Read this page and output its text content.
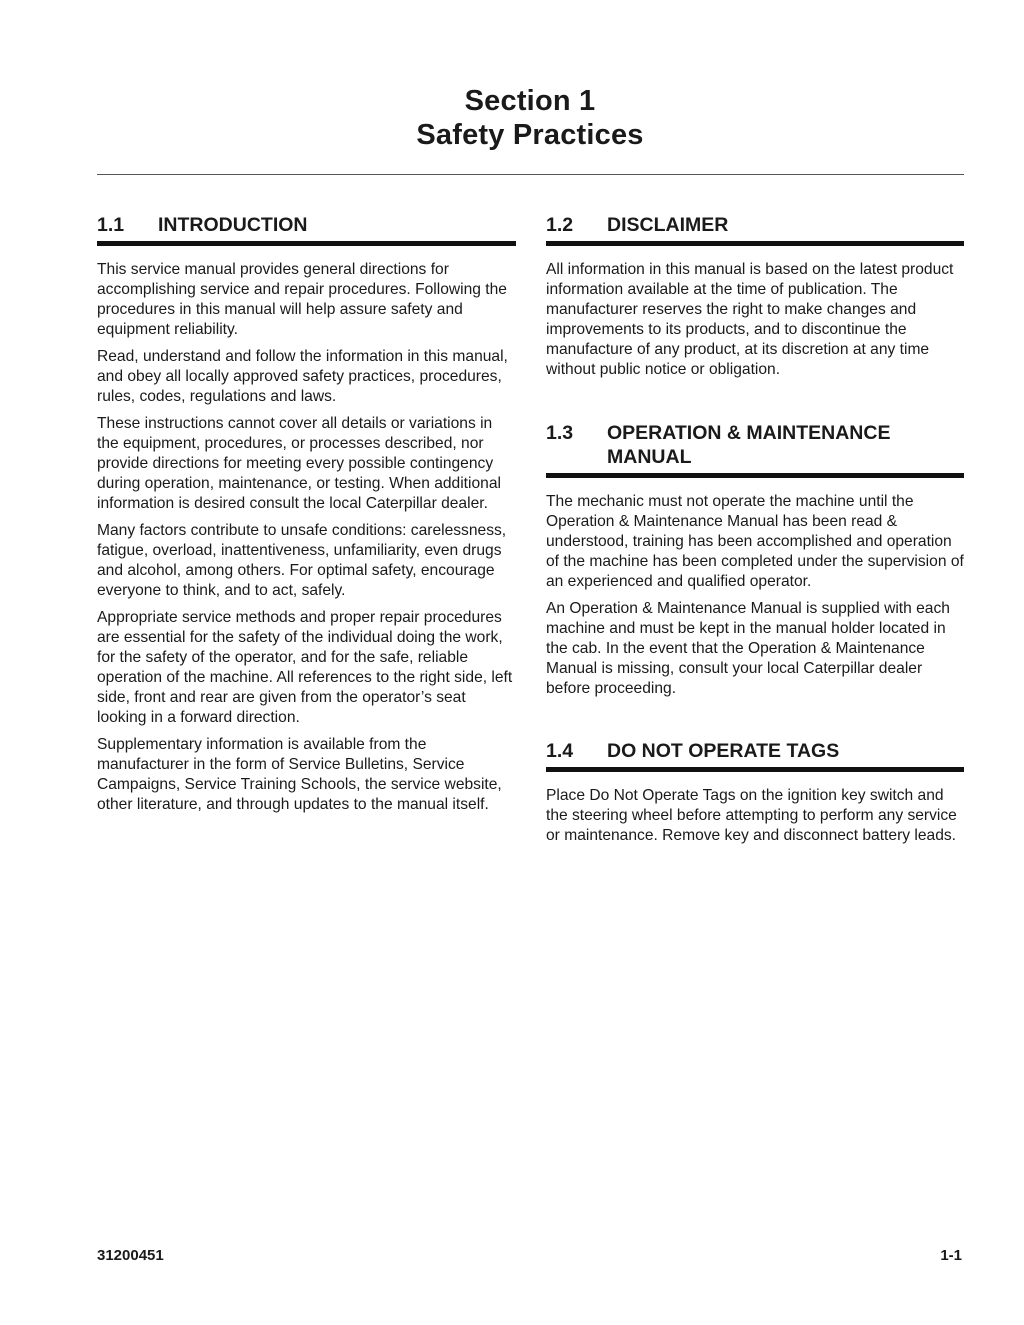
Section 1
Safety Practices
1.1	INTRODUCTION

This service manual provides general directions for accomplishing service and repair procedures. Following the procedures in this manual will help assure safety and equipment reliability.

Read, understand and follow the information in this manual, and obey all locally approved safety practices, procedures, rules, codes, regulations and laws.

These instructions cannot cover all details or variations in the equipment, procedures, or processes described, nor provide directions for meeting every possible contingency during operation, maintenance, or testing. When additional information is desired consult the local Caterpillar dealer.

Many factors contribute to unsafe conditions: carelessness, fatigue, overload, inattentiveness, unfamiliarity, even drugs and alcohol, among others. For optimal safety, encourage everyone to think, and to act, safely.

Appropriate service methods and proper repair procedures are essential for the safety of the individual doing the work, for the safety of the operator, and for the safe, reliable operation of the machine. All references to the right side, left side, front and rear are given from the operator’s seat looking in a forward direction.

Supplementary information is available from the manufacturer in the form of Service Bulletins, Service Campaigns, Service Training Schools, the service website, other literature, and through updates to the manual itself.

1.2	DISCLAIMER

All information in this manual is based on the latest product information available at the time of publication. The manufacturer reserves the right to make changes and improvements to its products, and to discontinue the manufacture of any product, at its discretion at any time without public notice or obligation.

1.3	OPERATION & MAINTENANCE MANUAL

The mechanic must not operate the machine until the Operation & Maintenance Manual has been read & understood, training has been accomplished and operation of the machine has been completed under the supervision of an experienced and qualified operator.

An Operation & Maintenance Manual is supplied with each machine and must be kept in the manual holder located in the cab. In the event that the Operation & Maintenance Manual is missing, consult your local Caterpillar dealer before proceeding.

1.4	DO NOT OPERATE TAGS

Place Do Not Operate Tags on the ignition key switch and the steering wheel before attempting to perform any service or maintenance. Remove key and disconnect battery leads.

31200451	1-1
